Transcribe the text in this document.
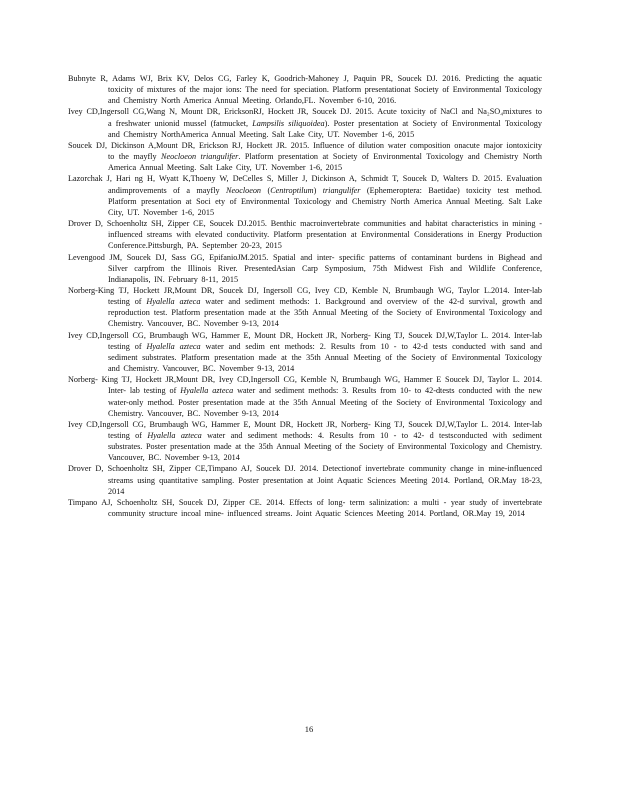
Bubnyte R, Adams WJ, Brix KV, Delos CG, Farley K, Goodrich-Mahoney J, Paquin PR, Soucek DJ. 2016. Predicting the aquatic toxicity of mixtures of the major ions: The need for speciation. Platform presentationat Society of Environmental Toxicology and Chemistry North America Annual Meeting. Orlando,FL. November 6-10, 2016.
Ivey CD,Ingersoll CG,Wang N, Mount DR, EricksonRJ, Hockett JR, Soucek DJ. 2015. Acute toxicity of NaCl and Na₂SO₄mixtures to a freshwater unionid mussel (fatmucket, Lampsilis siliquoidea). Poster presentation at Society of Environmental Toxicology and Chemistry NorthAmerica Annual Meeting. Salt Lake City, UT. November 1-6, 2015
Soucek DJ, Dickinson A,Mount DR, Erickson RJ, Hockett JR. 2015. Influence of dilution water composition onacute major iontoxicity to the mayfly Neocloeon triangulifer. Platform presentation at Society of Environmental Toxicology and Chemistry North America Annual Meeting. Salt Lake City, UT. November 1-6, 2015
Lazorchak J, Hari ng H, Wyatt K,Thoeny W, DeCelles S, Miller J, Dickinson A, Schmidt T, Soucek D, Walters D. 2015. Evaluation andimprovements of a mayfly Neocloeon (Centroptilum) triangulifer (Ephemeroptera: Baetidae) toxicity test method. Platform presentation at Soci ety of Environmental Toxicology and Chemistry North America Annual Meeting. Salt Lake City, UT. November 1-6, 2015
Drover D, Schoenholtz SH, Zipper CE, Soucek DJ.2015. Benthic macroinvertebrate communities and habitat characteristics in mining -influenced streams with elevated conductivity. Platform presentation at Environmental Considerations in Energy Production Conference.Pittsburgh, PA. September 20-23, 2015
Levengood JM, Soucek DJ, Sass GG, EpifanioJM.2015. Spatial and inter- specific patterns of contaminant burdens in Bighead and Silver carpfrom the Illinois River. PresentedAsian Carp Symposium, 75th Midwest Fish and Wildlife Conference, Indianapolis, IN. February 8-11, 2015
Norberg-King TJ, Hockett JR,Mount DR, Soucek DJ, Ingersoll CG, Ivey CD, Kemble N, Brumbaugh WG, Taylor L.2014. Inter-lab testing of Hyalella azteca water and sediment methods: 1. Background and overview of the 42-d survival, growth and reproduction test. Platform presentation made at the 35th Annual Meeting of the Society of Environmental Toxicology and Chemistry. Vancouver, BC. November 9-13, 2014
Ivey CD,Ingersoll CG, Brumbaugh WG, Hammer E, Mount DR, Hockett JR, Norberg- King TJ, Soucek DJ,W,Taylor L. 2014. Inter-lab testing of Hyalella azteca water and sedim ent methods: 2. Results from 10 - to 42-d tests conducted with sand and sediment substrates. Platform presentation made at the 35th Annual Meeting of the Society of Environmental Toxicology and Chemistry. Vancouver, BC. November 9-13, 2014
Norberg- King TJ, Hockett JR,Mount DR, Ivey CD,Ingersoll CG, Kemble N, Brumbaugh WG, Hammer E Soucek DJ, Taylor L. 2014. Inter- lab testing of Hyalella azteca water and sediment methods: 3. Results from 10- to 42-dtests conducted with the new water-only method. Poster presentation made at the 35th Annual Meeting of the Society of Environmental Toxicology and Chemistry. Vancouver, BC. November 9-13, 2014
Ivey CD,Ingersoll CG, Brumbaugh WG, Hammer E, Mount DR, Hockett JR, Norberg- King TJ, Soucek DJ,W,Taylor L. 2014. Inter-lab testing of Hyalella azteca water and sediment methods: 4. Results from 10 - to 42- d testsconducted with sediment substrates. Poster presentation made at the 35th Annual Meeting of the Society of Environmental Toxicology and Chemistry. Vancouver, BC. November 9-13, 2014
Drover D, Schoenholtz SH, Zipper CE,Timpano AJ, Soucek DJ. 2014. Detectionof invertebrate community change in mine-influenced streams using quantitative sampling. Poster presentation at Joint Aquatic Sciences Meeting 2014. Portland, OR.May 18-23, 2014
Timpano AJ, Schoenholtz SH, Soucek DJ, Zipper CE. 2014. Effects of long- term salinization: a multi - year study of invertebrate community structure incoal mine- influenced streams. Joint Aquatic Sciences Meeting 2014. Portland, OR.May 19, 2014
16
